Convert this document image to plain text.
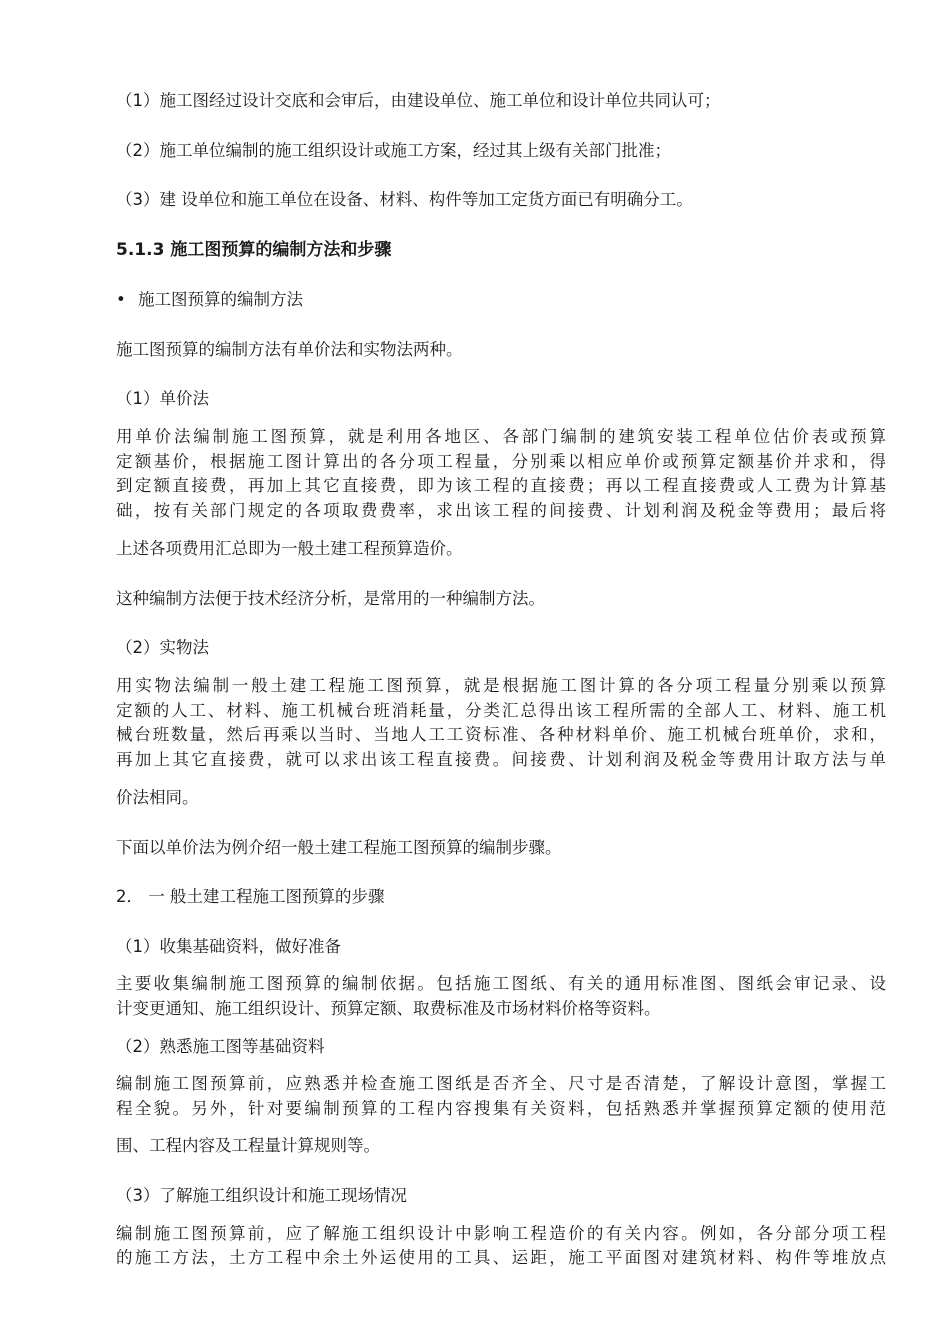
（1）施工图经过设计交底和会审后，由建设单位、施工单位和设计单位共同认可；
（2）施工单位编制的施工组织设计或施工方案，经过其上级有关部门批准；
（3）建 设单位和施工单位在设备、材料、构件等加工定货方面已有明确分工。
5.1.3 施工图预算的编制方法和步骤
• 施工图预算的编制方法
施工图预算的编制方法有单价法和实物法两种。
（1）单价法
用单价法编制施工图预算，就是利用各地区、各部门编制的建筑安装工程单位估价表或预算
定额基价，根据施工图计算出的各分项工程量，分别乘以相应单价或预算定额基价并求和，得
到定额直接费，再加上其它直接费，即为该工程的直接费；再以工程直接费或人工费为计算基
础，按有关部门规定的各项取费费率，求出该工程的间接费、计划利润及税金等费用；最后将
上述各项费用汇总即为一般土建工程预算造价。
这种编制方法便于技术经济分析，是常用的一种编制方法。
（2）实物法
用实物法编制一般土建工程施工图预算，就是根据施工图计算的各分项工程量分别乘以预算
定额的人工、材料、施工机械台班消耗量，分类汇总得出该工程所需的全部人工、材料、施工机
械台班数量，然后再乘以当时、当地人工工资标准、各种材料单价、施工机械台班单价，求和，
再加上其它直接费，就可以求出该工程直接费。间接费、计划利润及税金等费用计取方法与单
价法相同。
下面以单价法为例介绍一般土建工程施工图预算的编制步骤。
2． 一 般土建工程施工图预算的步骤
（1）收集基础资料，做好准备
主要收集编制施工图预算的编制依据。包括施工图纸、有关的通用标准图、图纸会审记录、设
计变更通知、施工组织设计、预算定额、取费标准及市场材料价格等资料。
（2）熟悉施工图等基础资料
编制施工图预算前，应熟悉并检查施工图纸是否齐全、尺寸是否清楚，了解设计意图，掌握工
程全貌。另外，针对要编制预算的工程内容搜集有关资料，包括熟悉并掌握预算定额的使用范
围、工程内容及工程量计算规则等。
（3）了解施工组织设计和施工现场情况
编制施工图预算前，应了解施工组织设计中影响工程造价的有关内容。例如，各分部分项工程
的施工方法，土方工程中余土外运使用的工具、运距，施工平面图对建筑材料、构件等堆放点
